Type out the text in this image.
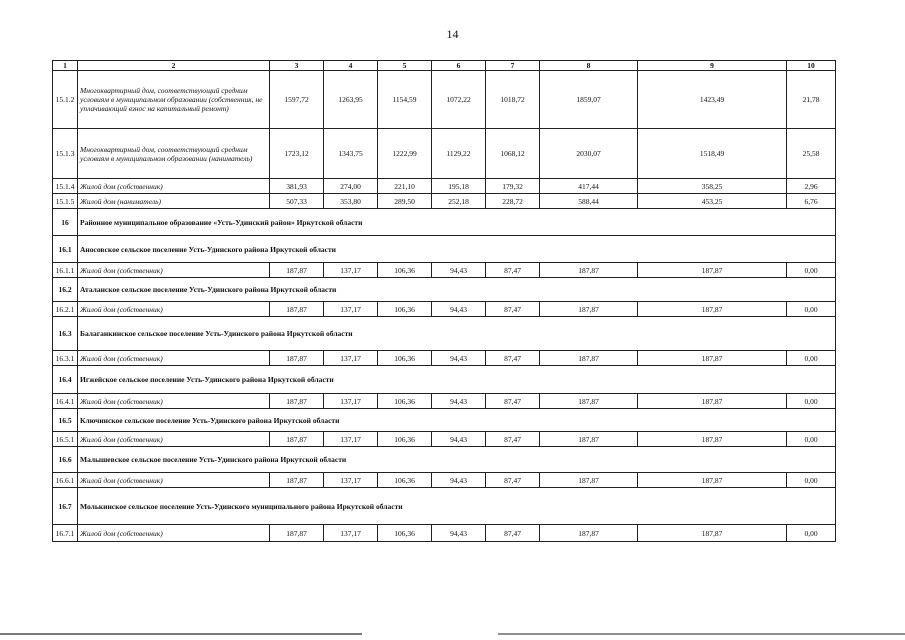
14
1	2	3	4	5	6	7	8	9	10
15.1.2	Многоквартирный дом, соответствующий средним условиям в муниципальном образовании (собственник, не уплачивающий взнос на капитальный ремонт)	1597,72	1263,95	1154,59	1072,22	1018,72	1859,07	1423,49	21,78
15.1.3	Многоквартирный дом, соответствующий средним условиям в муниципальном образовании (наниматель)	1723,12	1343,75	1222,99	1129,22	1068,12	2030,07	1518,49	25,58
15.1.4	Жилой дом (собственник)	381,93	274,00	221,10	195,18	179,32	417,44	358,25	2,96
15.1.5	Жилой дом (наниматель)	507,33	353,80	289,50	252,18	228,72	588,44	453,25	6,76
16	Районное муниципальное образование «Усть-Удинский район» Иркутской области								
16.1	Аносовское сельское поселение Усть-Удинского района Иркутской области								
16.1.1	Жилой дом (собственник)	187,87	137,17	106,36	94,43	87,47	187,87	187,87	0,00
16.2	Аталанское сельское поселение Усть-Удинского района Иркутской области								
16.2.1	Жилой дом (собственник)	187,87	137,17	106,36	94,43	87,47	187,87	187,87	0,00
16.3	Балаганкинское сельское поселение Усть-Удинского района Иркутской области								
16.3.1	Жилой дом (собственник)	187,87	137,17	106,36	94,43	87,47	187,87	187,87	0,00
16.4	Игжейское сельское поселение Усть-Удинского района Иркутской области								
16.4.1	Жилой дом (собственник)	187,87	137,17	106,36	94,43	87,47	187,87	187,87	0,00
16.5	Ключинское сельское поселение Усть-Удинского района Иркутской области								
16.5.1	Жилой дом (собственник)	187,87	137,17	106,36	94,43	87,47	187,87	187,87	0,00
16.6	Малышевское сельское поселение Усть-Удинского района Иркутской области								
16.6.1	Жилой дом (собственник)	187,87	137,17	106,36	94,43	87,47	187,87	187,87	0,00
16.7	Молькинское сельское поселение Усть-Удинского муниципального района Иркутской области								
16.7.1	Жилой дом (собственник)	187,87	137,17	106,36	94,43	87,47	187,87	187,87	0,00
